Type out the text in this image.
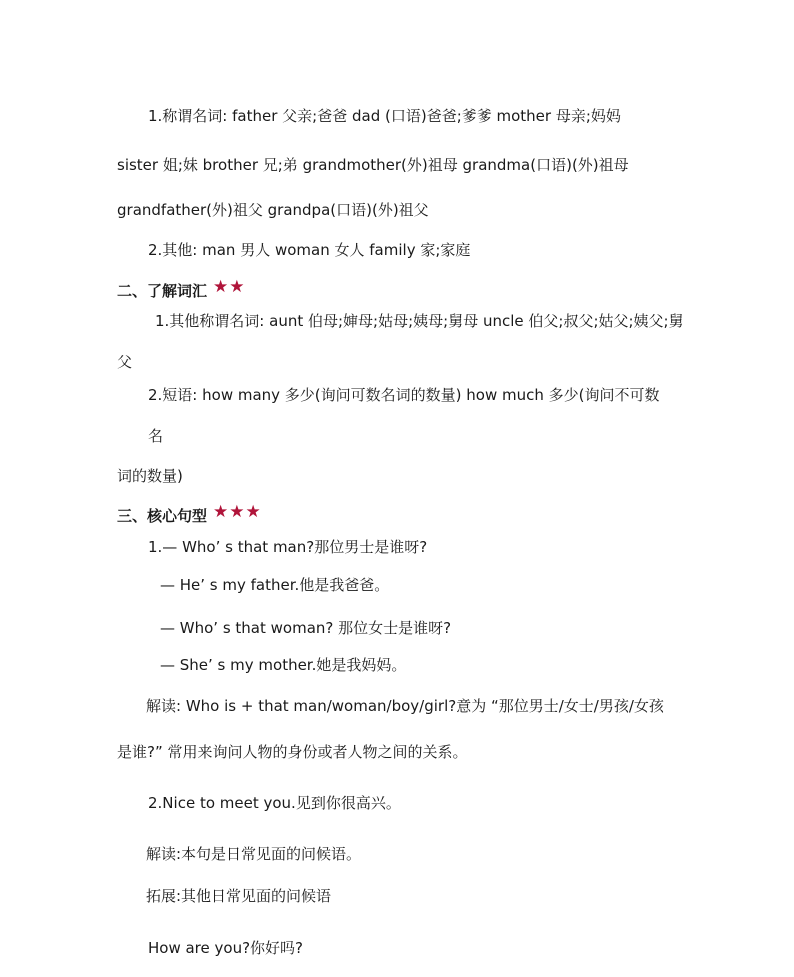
1.称谓名词: father 父亲;爸爸 dad (口语)爸爸;爹爹 mother 母亲;妈妈
sister 姐;妹 brother 兄;弟 grandmother(外)祖母 grandma(口语)(外)祖母
grandfather(外)祖父 grandpa(口语)(外)祖父
2.其他: man 男人 woman 女人 family 家;家庭
二、了解词汇 ★★
1.其他称谓名词: aunt 伯母;婶母;姑母;姨母;舅母 uncle 伯父;叔父;姑父;姨父;舅
父
2.短语: how many 多少(询问可数名词的数量) how much 多少(询问不可数
名
词的数量)
三、核心句型 ★★★
1.— Who’ s that man?那位男士是谁呀?
— He’ s my father.他是我爸爸。
— Who’ s that woman? 那位女士是谁呀?
— She’ s my mother.她是我妈妈。
解读: Who is + that man/woman/boy/girl?意为 “那位男士/女士/男孩/女孩
是谁?” 常用来询问人物的身份或者人物之间的关系。
2.Nice to meet you.见到你很高兴。
解读:本句是日常见面的问候语。
拓展:其他日常见面的问候语
How are you?你好吗?
